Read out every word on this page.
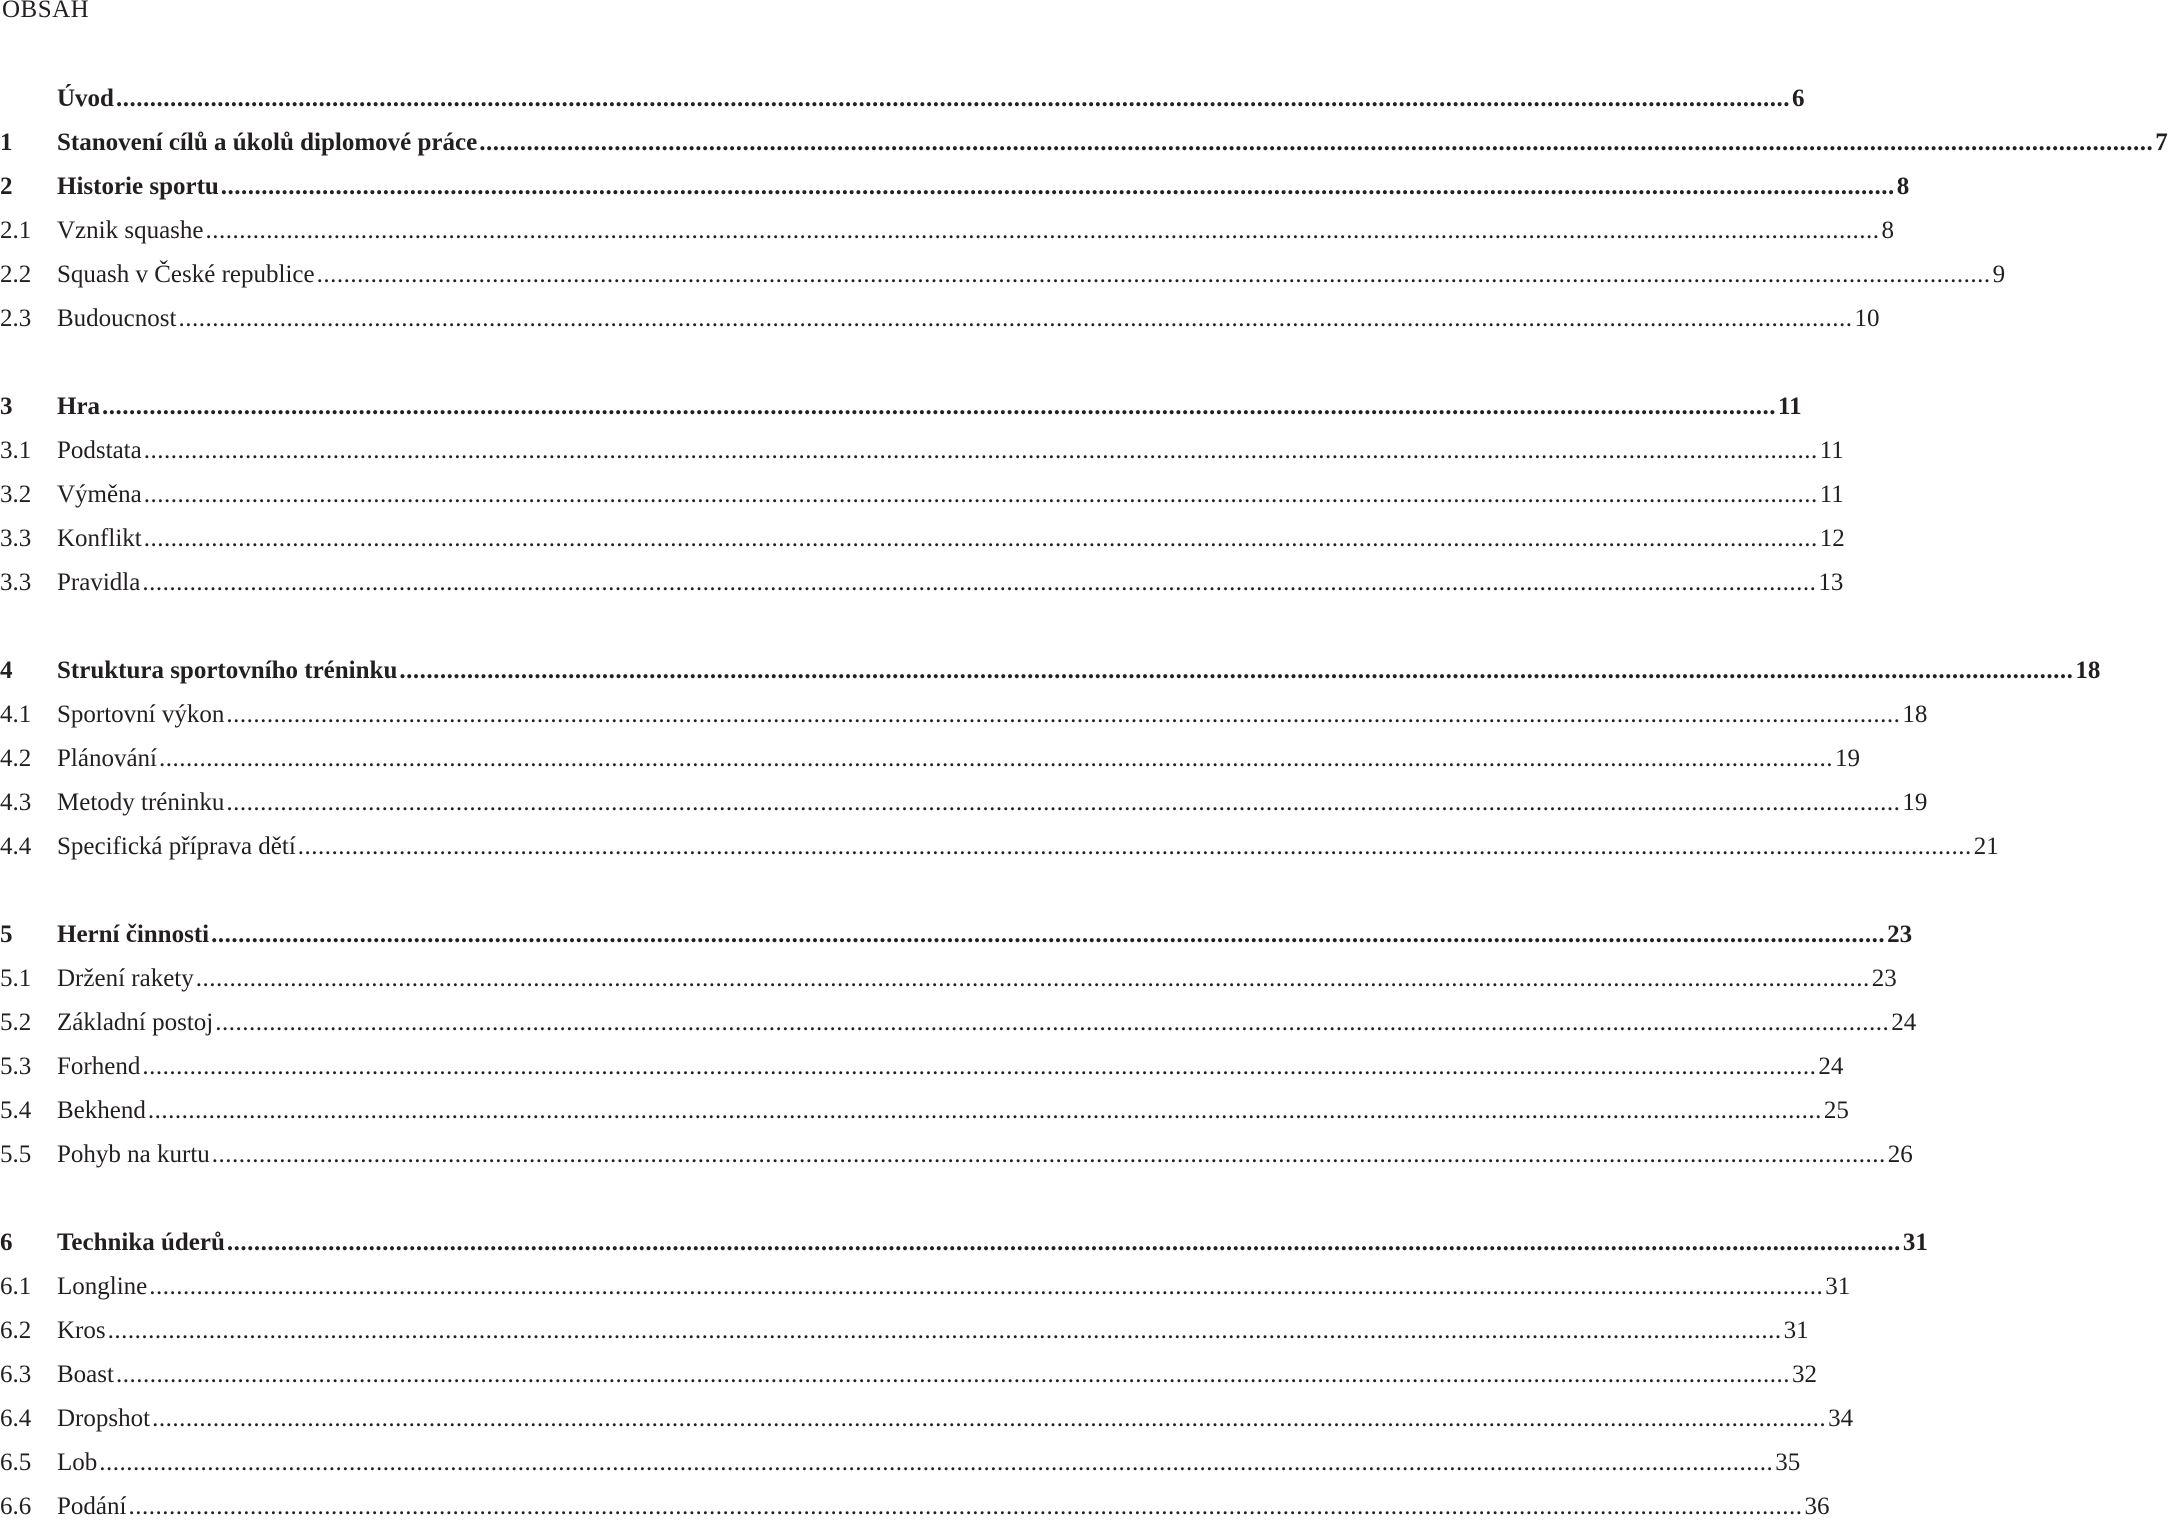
OBSAH
Úvod .....	6
1	Stanovení cílů a úkolů diplomové práce .....	7
2	Historie sportu .....	8
2.1	Vznik squashe .....	8
2.2	Squash v České republice .....	9
2.3	Budoucnost .....	10
3	Hra .....	11
3.1	Podstata .....	11
3.2	Výměna .....	11
3.3	Konflikt .....	12
3.3	Pravidla .....	13
4	Struktura sportovního tréninku .....	18
4.1	Sportovní výkon .....	18
4.2	Plánování .....	19
4.3	Metody tréninku .....	19
4.4	Specifická příprava dětí .....	21
5	Herní činnosti .....	23
5.1	Držení rakety .....	23
5.2	Základní postoj .....	24
5.3	Forhend .....	24
5.4	Bekhend .....	25
5.5	Pohyb na kurtu .....	26
6	Technika úderů .....	31
6.1	Longline .....	31
6.2	Kros .....	31
6.3	Boast .....	32
6.4	Dropshot .....	34
6.5	Lob .....	35
6.6	Podání .....	36
